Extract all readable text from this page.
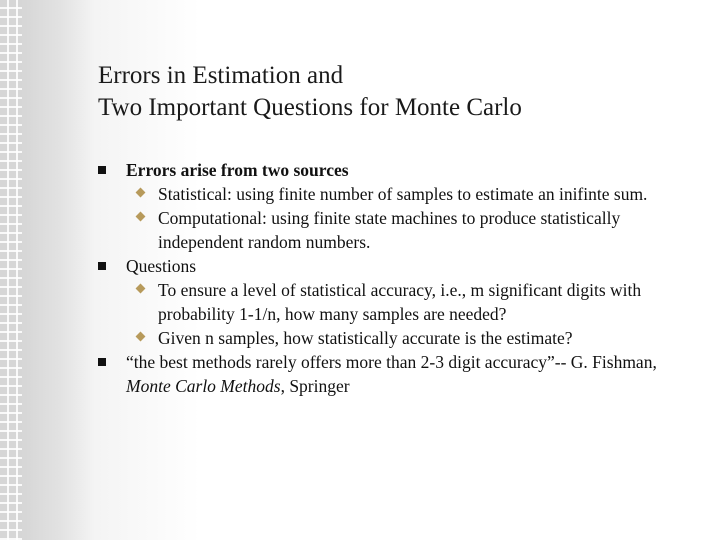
Errors in Estimation and
Two Important Questions for Monte Carlo
Errors arise from two sources
Statistical: using finite number of samples to estimate an inifinte sum.
Computational: using finite state machines to produce statistically independent random numbers.
Questions
To ensure a level of statistical accuracy, i.e., m significant digits with probability 1-1/n, how many samples are needed?
Given n samples, how statistically accurate is the estimate?
“the best methods rarely offers more than 2-3 digit accuracy”-- G. Fishman, Monte Carlo Methods, Springer
